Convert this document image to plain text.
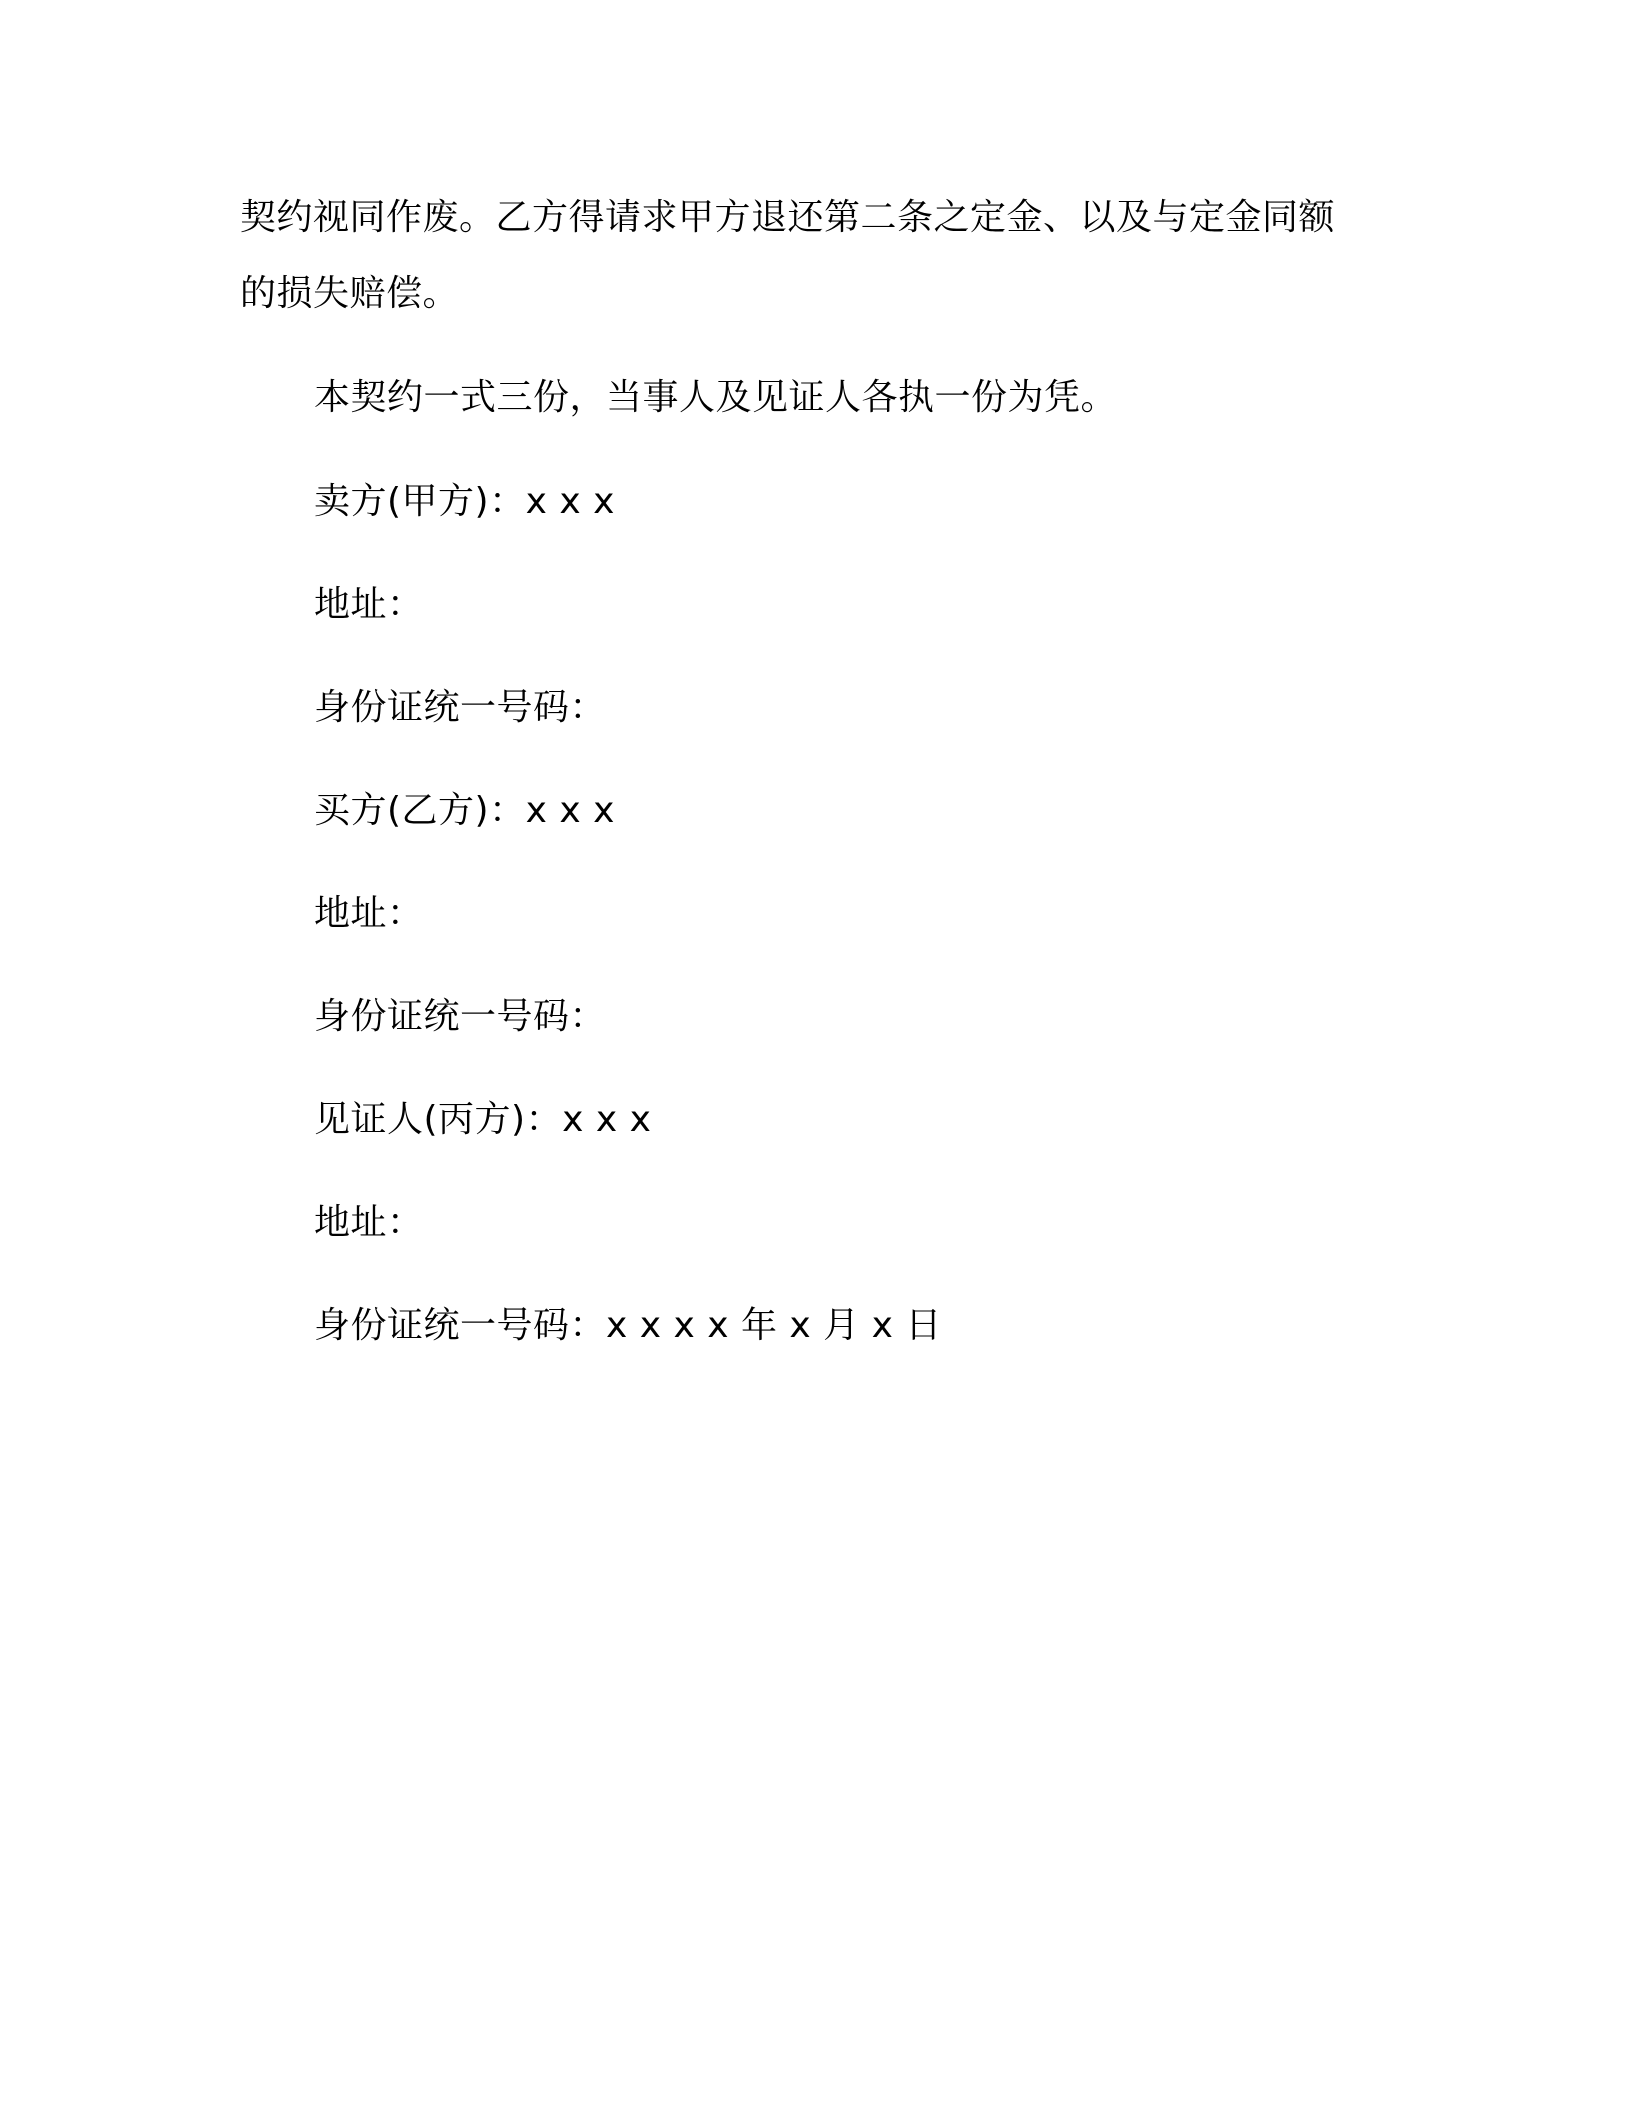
契约视同作废。乙方得请求甲方退还第二条之定金、以及与定金同额
的损失赔偿。
本契约一式三份，当事人及见证人各执一份为凭。
卖方(甲方)：x x x
地址：
身份证统一号码：
买方(乙方)：x x x
地址：
身份证统一号码：
见证人(丙方)：x x x
地址：
身份证统一号码：x x x x 年 x 月 x 日
